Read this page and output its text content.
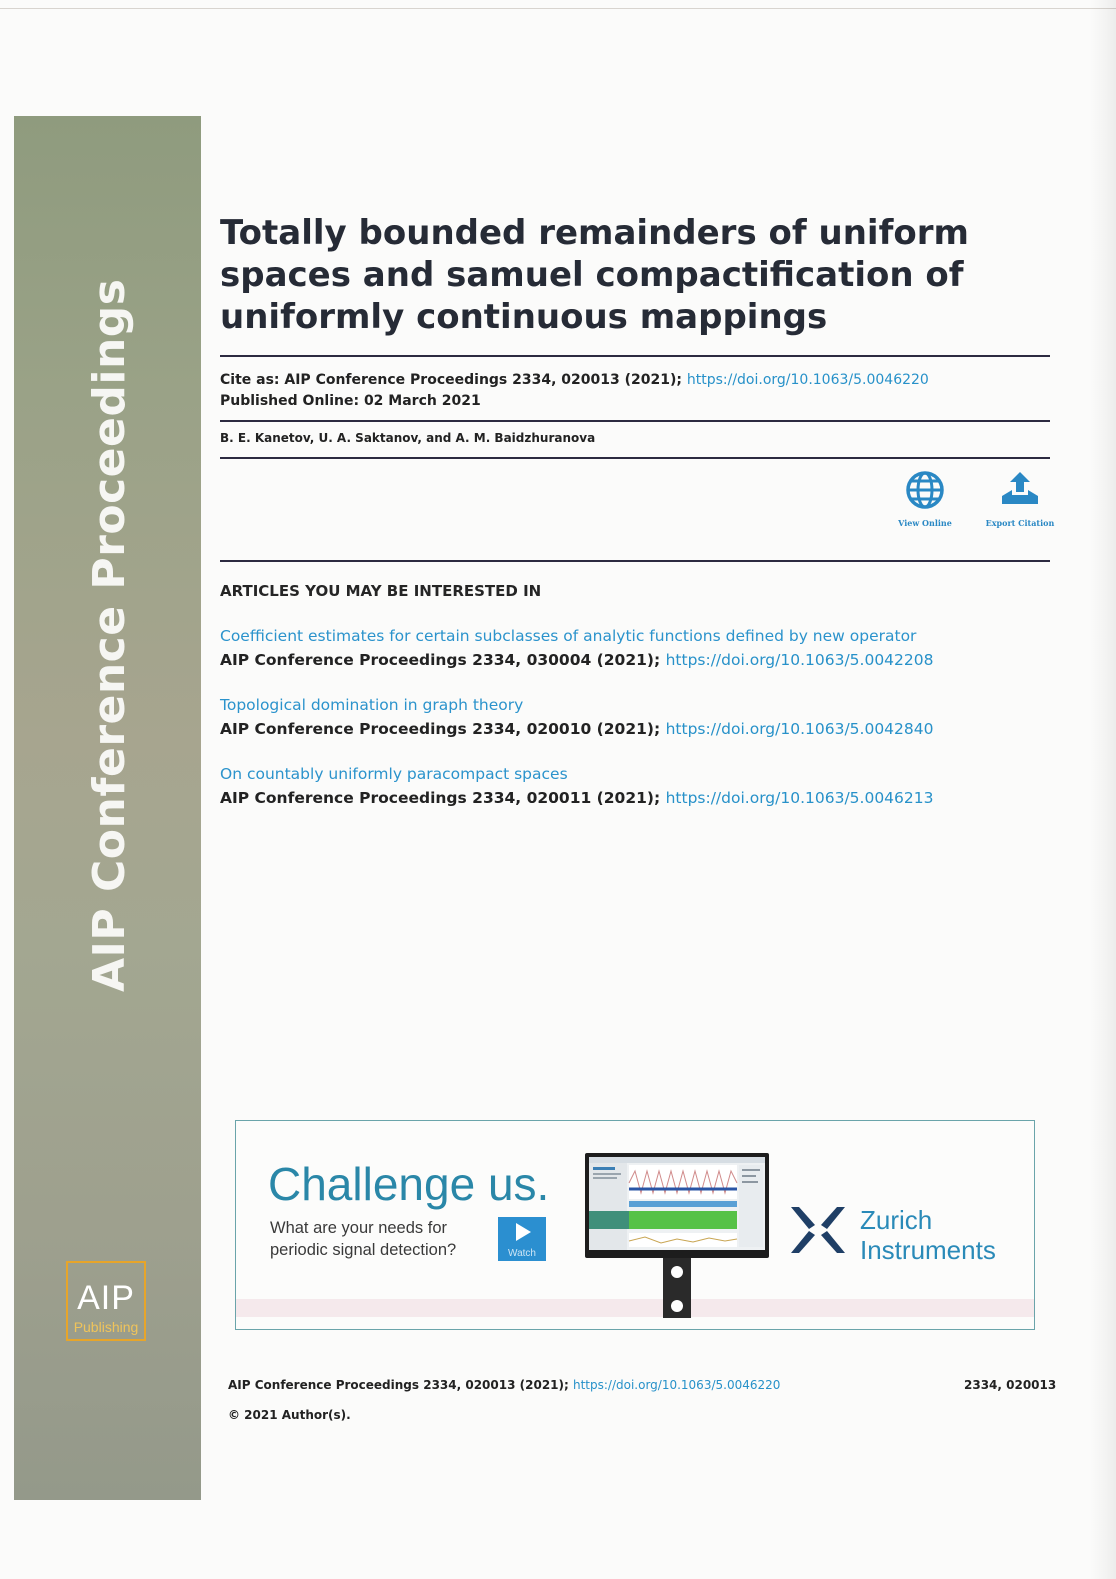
AIP Conference Proceedings
AIP
Publishing
Totally bounded remainders of uniform spaces and samuel compactification of uniformly continuous mappings
Cite as: AIP Conference Proceedings 2334, 020013 (2021); https://doi.org/10.1063/5.0046220
Published Online: 02 March 2021
B. E. Kanetov, U. A. Saktanov, and A. M. Baidzhuranova
View Online	Export Citation
ARTICLES YOU MAY BE INTERESTED IN
Coefficient estimates for certain subclasses of analytic functions defined by new operator
AIP Conference Proceedings 2334, 030004 (2021); https://doi.org/10.1063/5.0042208
Topological domination in graph theory
AIP Conference Proceedings 2334, 020010 (2021); https://doi.org/10.1063/5.0042840
On countably uniformly paracompact spaces
AIP Conference Proceedings 2334, 020011 (2021); https://doi.org/10.1063/5.0046213
Challenge us.
What are your needs for periodic signal detection?	Watch
Zurich
Instruments
AIP Conference Proceedings 2334, 020013 (2021); https://doi.org/10.1063/5.0046220	2334, 020013
© 2021 Author(s).
